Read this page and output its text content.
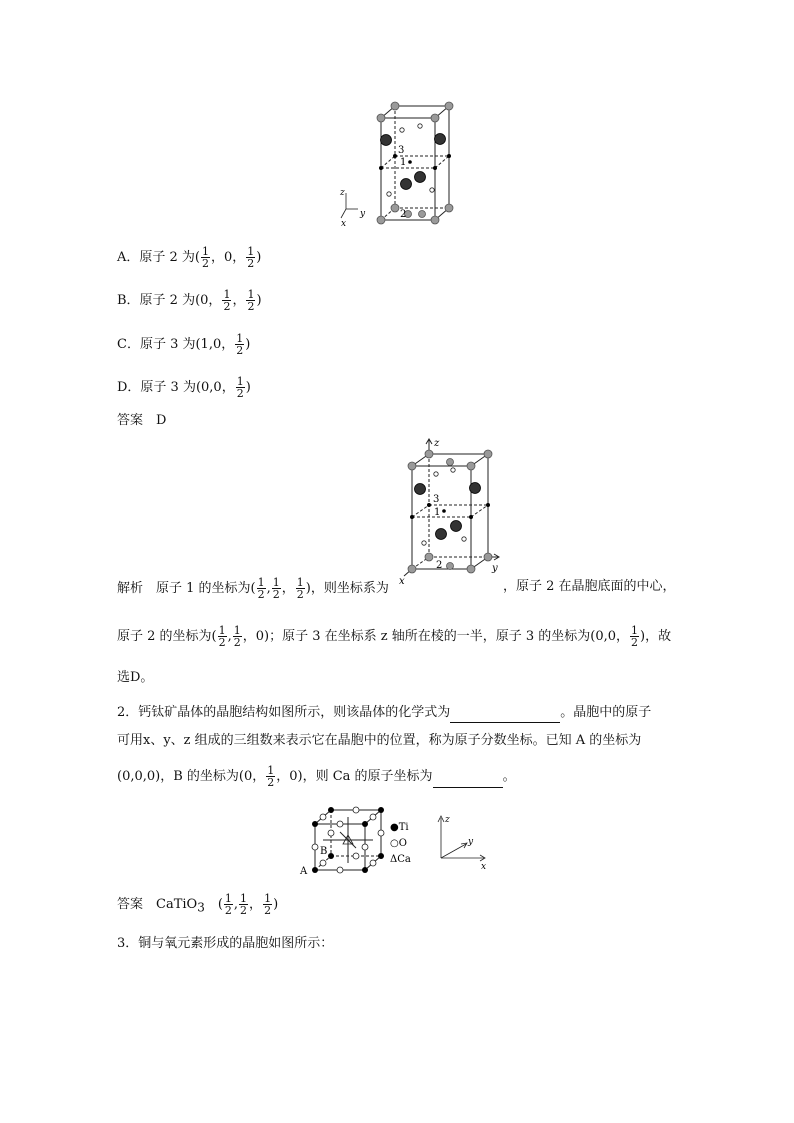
3
1
2
z
y
x
A．原子 2 为( $\frac{1}{2}$ ，0， $\frac{1}{2}$ )
B．原子 2 为(0， $\frac{1}{2}$ ， $\frac{1}{2}$ )
C．原子 3 为(1,0， $\frac{1}{2}$ )
D．原子 3 为(0,0， $\frac{1}{2}$ )
答案　D
z
3
1
2	y
x
解析　原子 1 的坐标为( $\frac{1}{2}$ , $\frac{1}{2}$ ， $\frac{1}{2}$ )，则坐标系为	，原子 2 在晶胞底面的中心，
原子 2 的坐标为( $\frac{1}{2}$ , $\frac{1}{2}$ ，0)；原子 3 在坐标系 z 轴所在棱的一半，原子 3 的坐标为(0,0， $\frac{1}{2}$ )，故
选D。
2．钙钛矿晶体的晶胞结构如图所示，则该晶体的化学式为	。晶胞中的原子
可用x、y、z 组成的三组数来表示它在晶胞中的位置，称为原子分数坐标。已知 A 的坐标为
(0,0,0)，B 的坐标为(0， $\frac{1}{2}$ ，0)，则 Ca 的原子坐标为	。
A
B
●Ti
○O
ΔCa
z
y
x
答案　CaTiO$_3$　( $\frac{1}{2}$ , $\frac{1}{2}$ ， $\frac{1}{2}$ )
3．铜与氧元素形成的晶胞如图所示：
